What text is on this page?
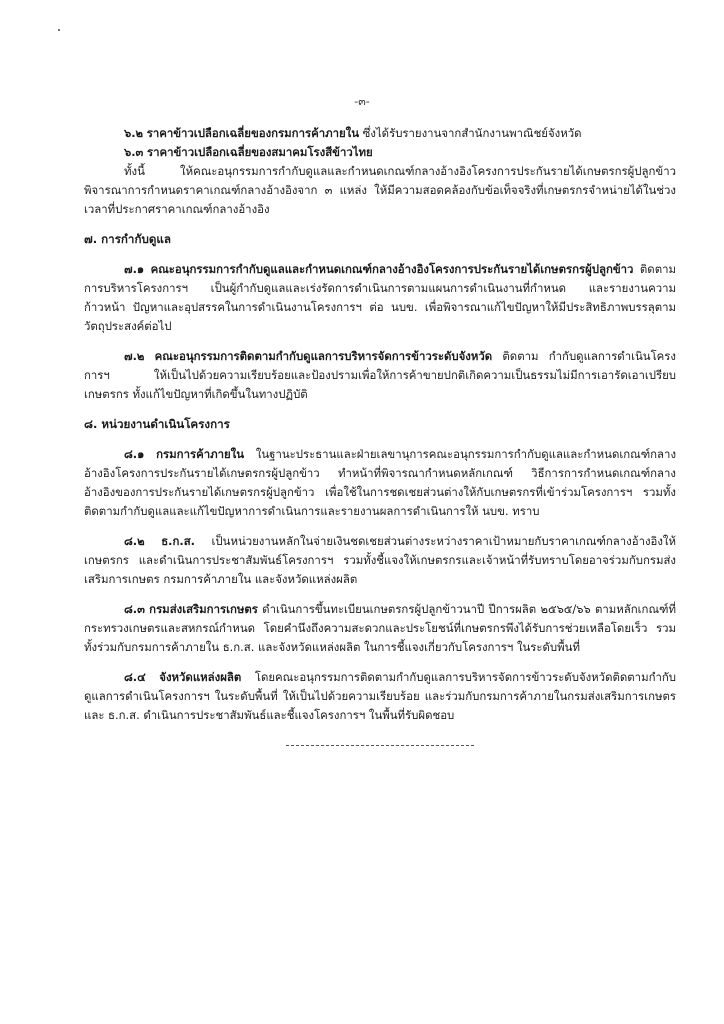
-๓-

๖.๒ ราคาข้าวเปลือกเฉลี่ยของกรมการค้าภายใน ซึ่งได้รับรายงานจากสำนักงานพาณิชย์จังหวัด

๖.๓ ราคาข้าวเปลือกเฉลี่ยของสมาคมโรงสีข้าวไทย

ทั้งนี้ ให้คณะอนุกรรมการกำกับดูแลและกำหนดเกณฑ์กลางอ้างอิงโครงการประกันรายได้เกษตรกรผู้ปลูกข้าวพิจารณาการกำหนดราคาเกณฑ์กลางอ้างอิงจาก ๓ แหล่ง ให้มีความสอดคล้องกับข้อเท็จจริงที่เกษตรกรจำหน่ายได้ในช่วงเวลาที่ประกาศราคาเกณฑ์กลางอ้างอิง

๗. การกำกับดูแล

๗.๑ คณะอนุกรรมการกำกับดูแลและกำหนดเกณฑ์กลางอ้างอิงโครงการประกันรายได้เกษตรกรผู้ปลูกข้าว ติดตามการบริหารโครงการฯ เป็นผู้กำกับดูแลและเร่งรัดการดำเนินการตามแผนการดำเนินงานที่กำหนด และรายงานความก้าวหน้า ปัญหาและอุปสรรคในการดำเนินงานโครงการฯ ต่อ นบข. เพื่อพิจารณาแก้ไขปัญหาให้มีประสิทธิภาพบรรลุตามวัตถุประสงค์ต่อไป

๗.๒ คณะอนุกรรมการติดตามกำกับดูแลการบริหารจัดการข้าวระดับจังหวัด ติดตาม กำกับดูแลการดำเนินโครงการฯ ให้เป็นไปด้วยความเรียบร้อยและป้องปรามเพื่อให้การค้าขายปกติเกิดความเป็นธรรมไม่มีการเอารัดเอาเปรียบเกษตรกร ทั้งแก้ไขปัญหาที่เกิดขึ้นในทางปฏิบัติ

๘. หน่วยงานดำเนินโครงการ

๘.๑ กรมการค้าภายใน ในฐานะประธานและฝ่ายเลขานุการคณะอนุกรรมการกำกับดูแลและกำหนดเกณฑ์กลางอ้างอิงโครงการประกันรายได้เกษตรกรผู้ปลูกข้าว ทำหน้าที่พิจารณากำหนดหลักเกณฑ์ วิธีการการกำหนดเกณฑ์กลางอ้างอิงของการประกันรายได้เกษตรกรผู้ปลูกข้าว เพื่อใช้ในการชดเชยส่วนต่างให้กับเกษตรกรที่เข้าร่วมโครงการฯ รวมทั้งติดตามกำกับดูแลและแก้ไขปัญหาการดำเนินการและรายงานผลการดำเนินการให้ นบข. ทราบ

๘.๒ ธ.ก.ส. เป็นหน่วยงานหลักในจ่ายเงินชดเชยส่วนต่างระหว่างราคาเป้าหมายกับราคาเกณฑ์กลางอ้างอิงให้เกษตรกร และดำเนินการประชาสัมพันธ์โครงการฯ รวมทั้งชี้แจงให้เกษตรกรและเจ้าหน้าที่รับทราบโดยอาจร่วมกับกรมส่งเสริมการเกษตร กรมการค้าภายใน และจังหวัดแหล่งผลิต

๘.๓ กรมส่งเสริมการเกษตร ดำเนินการขึ้นทะเบียนเกษตรกรผู้ปลูกข้าวนาปี ปีการผลิต ๒๕๖๕/๖๖ ตามหลักเกณฑ์ที่กระทรวงเกษตรและสหกรณ์กำหนด โดยคำนึงถึงความสะดวกและประโยชน์ที่เกษตรกรพึงได้รับการช่วยเหลือโดยเร็ว รวมทั้งร่วมกับกรมการค้าภายใน ธ.ก.ส. และจังหวัดแหล่งผลิต ในการชี้แจงเกี่ยวกับโครงการฯ ในระดับพื้นที่

๘.๔ จังหวัดแหล่งผลิต โดยคณะอนุกรรมการติดตามกำกับดูแลการบริหารจัดการข้าวระดับจังหวัดติดตามกำกับดูแลการดำเนินโครงการฯ ในระดับพื้นที่ ให้เป็นไปด้วยความเรียบร้อย และร่วมกับกรมการค้าภายในกรมส่งเสริมการเกษตร และ ธ.ก.ส. ดำเนินการประชาสัมพันธ์และชี้แจงโครงการฯ ในพื้นที่รับผิดชอบ
